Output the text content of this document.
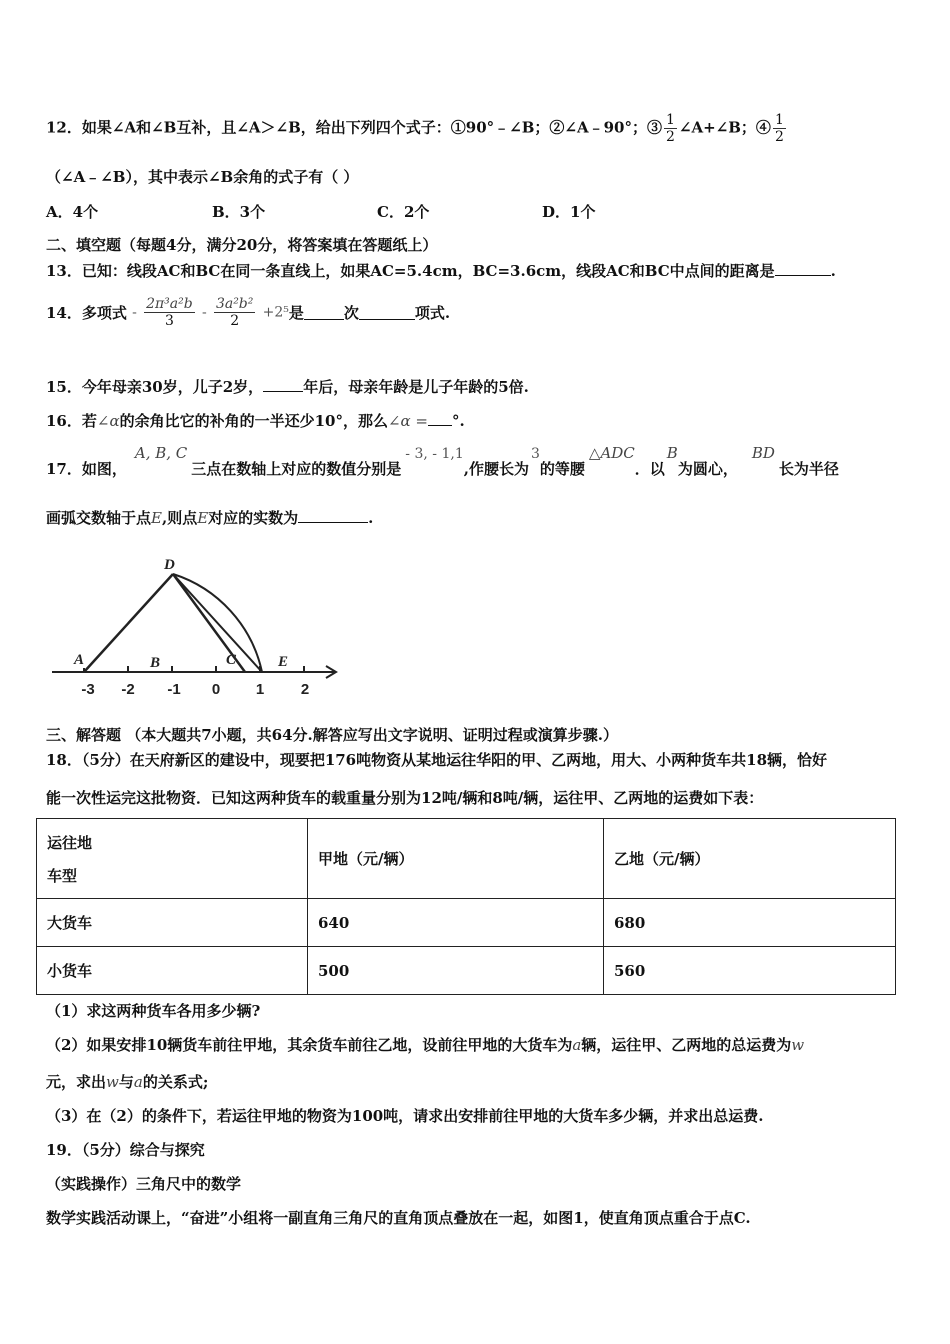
12．如果∠A和∠B互补，且∠A＞∠B，给出下列四个式子：①90°﹣∠B；②∠A﹣90°；③ $\frac{1}{2}$ ∠A+∠B；④ $\frac{1}{2}$
（∠A﹣∠B），其中表示∠B余角的式子有（ ）
A．4个	B．3个	C．2个	D．1个
二、填空题（每题4分，满分20分，将答案填在答题纸上）
13．已知：线段AC和BC在同一条直线上，如果AC=5.4cm，BC=3.6cm，线段AC和BC中点间的距离是	.
14．多项式 - $\frac{\text{2π³a²b}}{3} - \frac{\text{3a²b²}}{2} +2^5$是	次	项式.
15．今年母亲30岁，儿子2岁，	年后，母亲年龄是儿子年龄的5倍.
16．若∠α的余角比它的补角的一半还少10°，那么∠α = °.
17．如图，A, B, C三点在数轴上对应的数值分别是- 3, - 1,1,作腰长为3的等腰△ADC．以B为圆心，BD长为半径
画弧交数轴于点E,则点E对应的实数为	.
A	B	C
D
E
-3 -2 -1 0 1 2
三、解答题 （本大题共7小题，共64分.解答应写出文字说明、证明过程或演算步骤.）
18．（5分）在天府新区的建设中，现要把176吨物资从某地运往华阳的甲、乙两地，用大、小两种货车共18辆，恰好
能一次性运完这批物资．已知这两种货车的载重量分别为12吨/辆和8吨/辆，运往甲、乙两地的运费如下表：
运往地
车型	甲地（元/辆）	乙地（元/辆）
大货车	640	680
小货车	500	560
（1）求这两种货车各用多少辆?
（2）如果安排10辆货车前往甲地，其余货车前往乙地，设前往甲地的大货车为a辆，运往甲、乙两地的总运费为w
元，求出w与a的关系式;
（3）在（2）的条件下，若运往甲地的物资为100吨，请求出安排前往甲地的大货车多少辆，并求出总运费.
19．（5分）综合与探究
（实践操作）三角尺中的数学
数学实践活动课上，“奋进”小组将一副直角三角尺的直角顶点叠放在一起，如图1，使直角顶点重合于点C.
